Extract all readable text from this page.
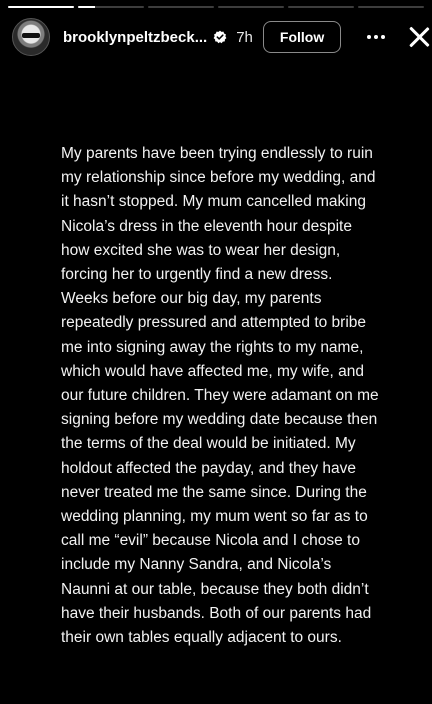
brooklynpeltzbeck... 7h	Follow

My parents have been trying endlessly to ruin my relationship since before my wedding, and it hasn’t stopped. My mum cancelled making Nicola’s dress in the eleventh hour despite how excited she was to wear her design, forcing her to urgently find a new dress. Weeks before our big day, my parents repeatedly pressured and attempted to bribe me into signing away the rights to my name, which would have affected me, my wife, and our future children. They were adamant on me signing before my wedding date because then the terms of the deal would be initiated. My holdout affected the payday, and they have never treated me the same since. During the wedding planning, my mum went so far as to call me “evil” because Nicola and I chose to include my Nanny Sandra, and Nicola’s Naunni at our table, because they both didn’t have their husbands. Both of our parents had their own tables equally adjacent to ours.
